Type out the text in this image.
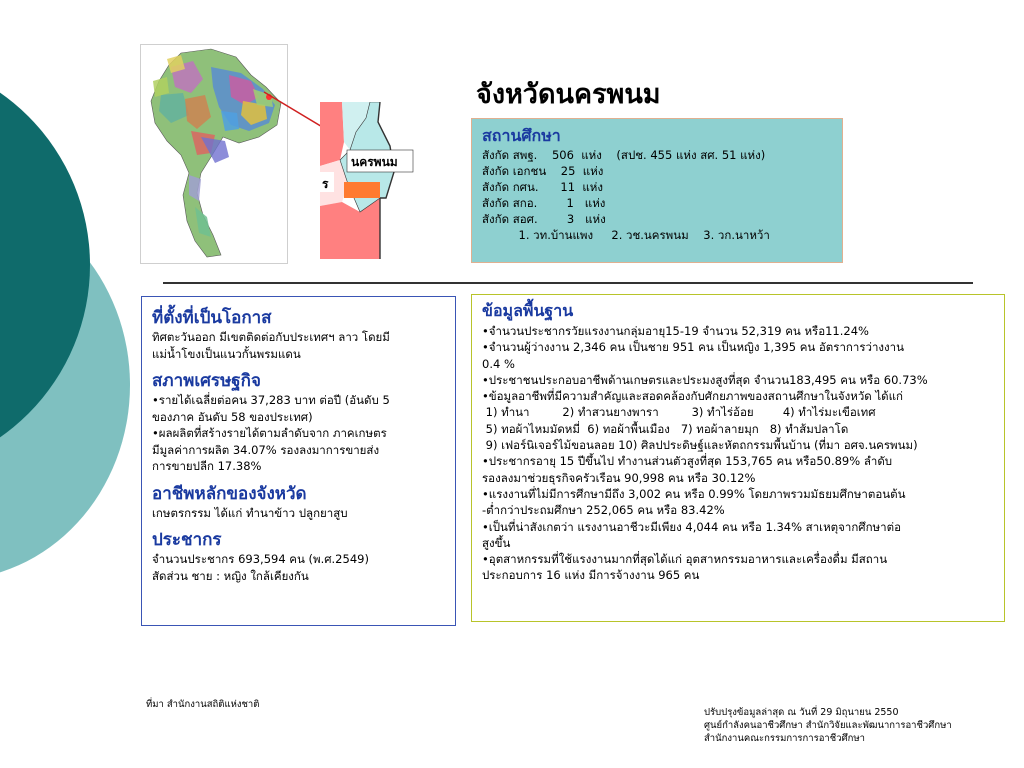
นครพนม
ร
จังหวัดนครพนม
สถานศึกษา
สังกัด สพฐ.    506  แห่ง    (สปช. 455 แห่ง สศ. 51 แห่ง)
สังกัด เอกชน    25  แห่ง
สังกัด กศน.      11  แห่ง
สังกัด สกอ.        1   แห่ง
สังกัด สอศ.        3   แห่ง
1. วท.บ้านแพง     2. วช.นครพนม    3. วก.นาหว้า
ที่ตั้งที่เป็นโอกาส
ทิศตะวันออก มีเขตติดต่อกับประเทศฯ ลาว โดยมี
แม่น้ำโขงเป็นแนวกั้นพรมแดน
สภาพเศรษฐกิจ
•รายได้เฉลี่ยต่อคน 37,283 บาท ต่อปี (อันดับ 5
ของภาค อันดับ 58 ของประเทศ)
•ผลผลิตที่สร้างรายได้ตามลำดับจาก ภาคเกษตร
มีมูลค่าการผลิต 34.07% รองลงมาการขายส่ง
การขายปลีก 17.38%
อาชีพหลักของจังหวัด
เกษตรกรรม ได้แก่ ทำนาข้าว ปลูกยาสูบ
ประชากร
จำนวนประชากร 693,594 คน (พ.ศ.2549)
สัดส่วน ชาย : หญิง ใกล้เคียงกัน
ข้อมูลพื้นฐาน
•จำนวนประชากรวัยแรงงานกลุ่มอายุ15-19 จำนวน 52,319 คน หรือ11.24%
•จำนวนผู้ว่างงาน 2,346 คน เป็นชาย 951 คน เป็นหญิง 1,395 คน อัตราการว่างงาน
0.4 %
•ประชาชนประกอบอาชีพด้านเกษตรและประมงสูงที่สุด จำนวน183,495 คน หรือ 60.73%
•ข้อมูลอาชีพที่มีความสำคัญและสอดคล้องกับศักยภาพของสถานศึกษาในจังหวัด ได้แก่
1) ทำนา         2) ทำสวนยางพารา         3) ทำไร่อ้อย        4) ทำไร่มะเขือเทศ
5) ทอผ้าไหมมัดหมี่  6) ทอผ้าพื้นเมือง   7) ทอผ้าลายมุก   8) ทำส้มปลาโด
9) เฟอร์นิเจอร์ไม้ขอนลอย 10) ศิลปประดิษฐ์และหัตถกรรมพื้นบ้าน (ที่มา อศจ.นครพนม)
•ประชากรอายุ 15 ปีขึ้นไป ทำงานส่วนตัวสูงที่สุด 153,765 คน หรือ50.89% ลำดับ
รองลงมาช่วยธุรกิจครัวเรือน 90,998 คน หรือ 30.12%
•แรงงานที่ไม่มีการศึกษามีถึง 3,002 คน หรือ 0.99% โดยภาพรวมมัธยมศึกษาตอนต้น
-ต่ำกว่าประถมศึกษา 252,065 คน หรือ 83.42%
•เป็นที่น่าสังเกตว่า แรงงานอาชีวะมีเพียง 4,044 คน หรือ 1.34% สาเหตุจากศึกษาต่อ
สูงขึ้น
•อุตสาหกรรมที่ใช้แรงงานมากที่สุดได้แก่ อุตสาหกรรมอาหารและเครื่องดื่ม มีสถาน
ประกอบการ 16 แห่ง มีการจ้างงาน 965 คน
ที่มา สำนักงานสถิติแห่งชาติ
ปรับปรุงข้อมูลล่าสุด ณ วันที่ 29 มิถุนายน 2550
ศูนย์กำลังคนอาชีวศึกษา สำนักวิจัยและพัฒนาการอาชีวศึกษา
สำนักงานคณะกรรมการการอาชีวศึกษา
